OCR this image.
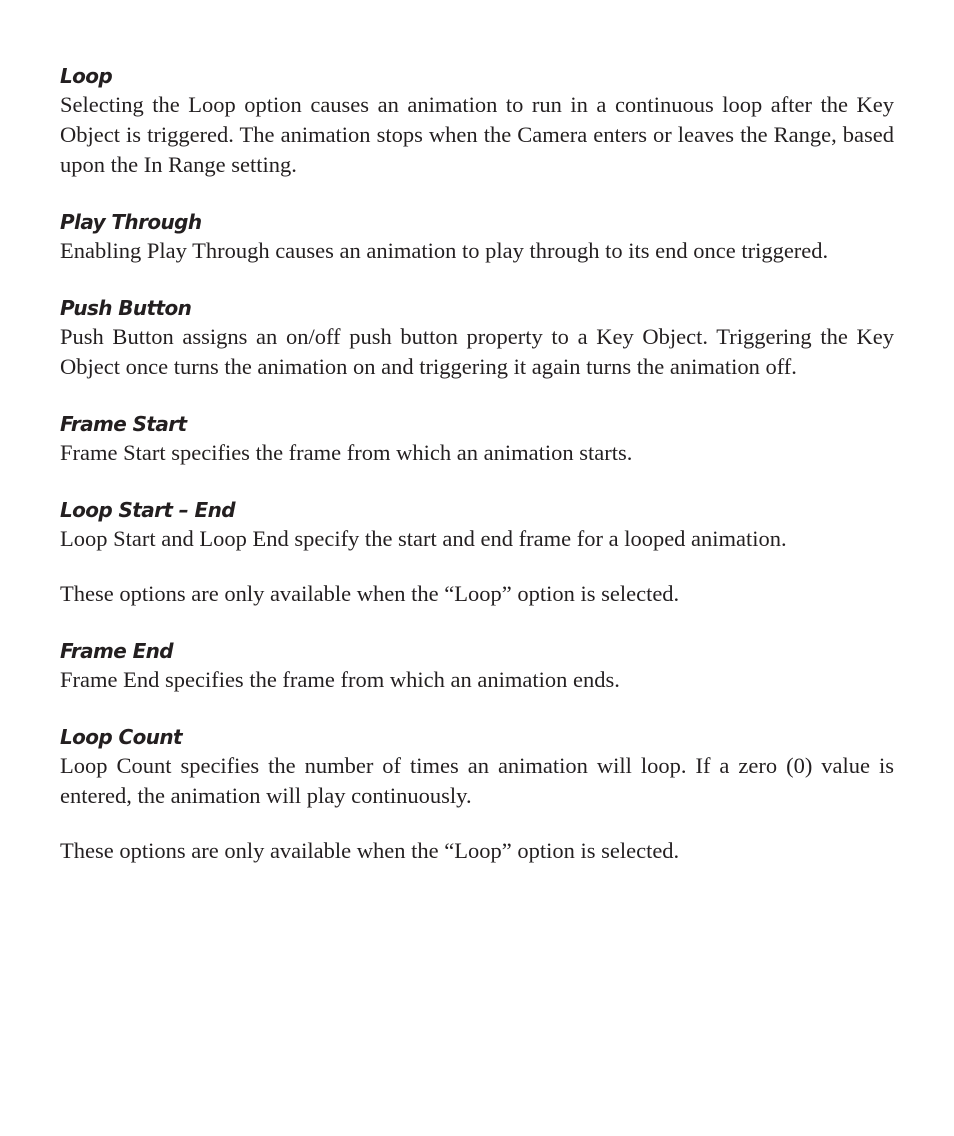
Loop

Selecting the Loop option causes an animation to run in a continuous loop after the Key Object is triggered. The animation stops when the Camera enters or leaves the Range, based upon the In Range setting.

Play Through

Enabling Play Through causes an animation to play through to its end once triggered.

Push Button

Push Button assigns an on/off push button property to a Key Object. Triggering the Key Object once turns the animation on and triggering it again turns the animation off.

Frame Start

Frame Start specifies the frame from which an animation starts.

Loop Start – End

Loop Start and Loop End specify the start and end frame for a looped animation.

These options are only available when the “Loop” option is selected.

Frame End

Frame End specifies the frame from which an animation ends.

Loop Count

Loop Count specifies the number of times an animation will loop. If a zero (0) value is entered, the animation will play continuously.

These options are only available when the “Loop” option is selected.
